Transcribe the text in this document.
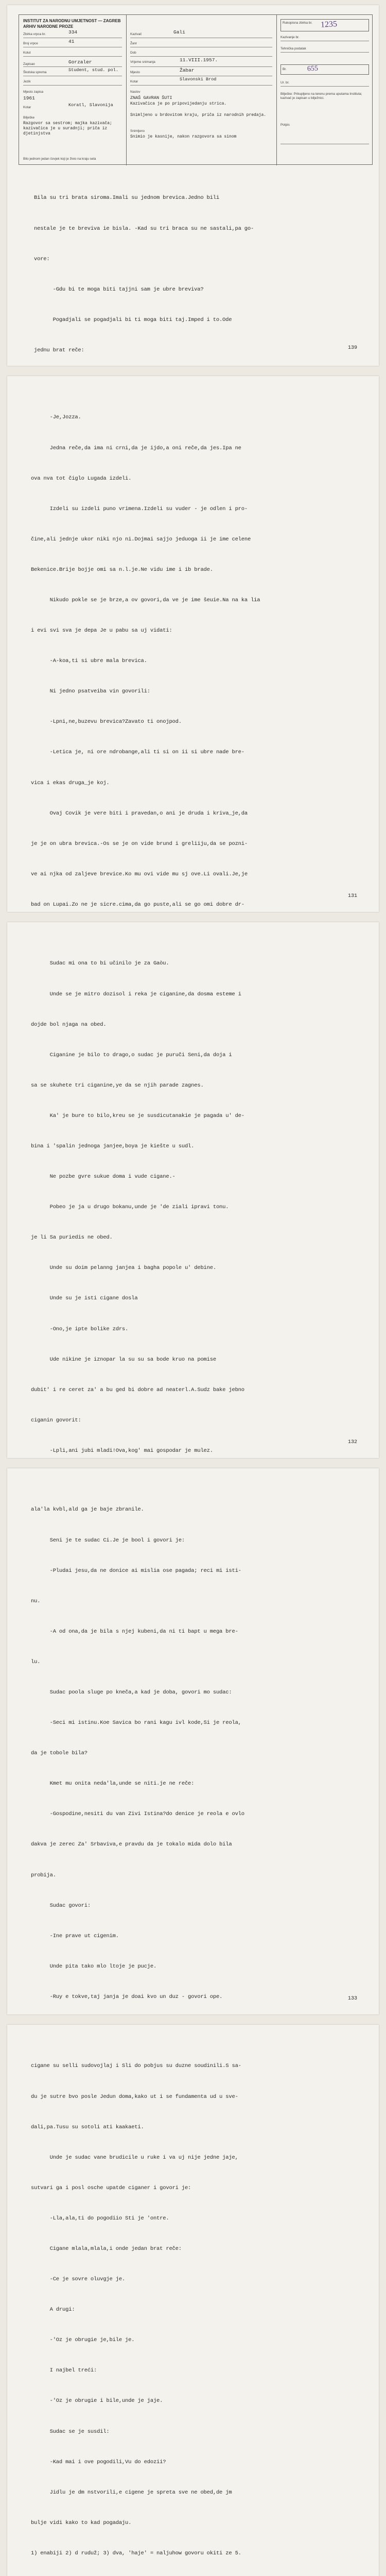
INSTITUT ZA NARODNU UMJETNOST — ZAGREB
ARHIV NARODNE PROZE
Zbirka vrpca br.	334
Broj vrpce	41
Kolut
Zapisao	Gorzaler
Školska sprema	Student, stud. pol.
Jezik
Mjesto zapisa
1961
Kotar	Koratl, Slavonija
Bilješke
Razgovor sa sestrom; majka kazivača; kazivačica je u suradnji; priča iz djetinjstva
Kazivač	Gali
Žanr
Dob
Vrijeme snimanja	11.VIII.1957.
Mjesto	Žabar
Kotar	Slavonski Brod
Naslov
ZNAŠ GAVRAN ŠUTI
Kazivačica je po pripovijedanju strica.
Snimljeno u brdovitom kraju, priča iz narodnih predaja.
Snimljeno
Snimio je kasnije, nakon razgovora sa sinom
Rukopisna zbirka br. 1235
Kazivanje br.
Tehnička podatak
Br.	655
Ur. br.
Bilješke: Prikupljeno na terenu prema uputama Instituta; kazivač je zapisan u bilježnici.
Potpis
Bilo jednom jedan čovjek koji je živio na kraju sela

Bila su tri brata siroma.Imali su jednom brevica.Jedno bili

nestale je te breviva ie bisla. -Kad su tri braca su ne sastali,pa go-

vore:

-Gdu bi te moga biti tajjni sam je ubre breviva?

Pogadjali se pogadjali bi ti moga biti taj.Imped i to.Ode

jednu brat reče:

	139

-Je,Jozza.

Jedna reče,da ima ni crni,da je ijdo,a oni reče,da jes.Ipa ne

ova nva tot čiglo Lugada izdeli.

Izdeli su izdeli puno vrimena.Izdeli su vuder - je odlen i pro-

čine,ali jednje ukor niki njo ni.Dojmai sajjo jeduoga ii je ime celene

Bekenice.Brije bojje omi sa n.l.je.Ne vidu ime i ib brade.

Nikudo pokle se je brze,a ov govori,da ve je ime šeuie.Na na ka lia

i evi svi sva je depa Je u pabu sa uj vidati:

-A-koa,ti si ubre mala brevica.

Ni jedno psatveiba vin govorili:

-Lpni,ne,buzevu brevica?Zavato ti onojpod.

-Letica je, ni ore ndrobange,ali ti si on ii si ubre nade bre-

vica i ekas druga_je koj.

Ovaj Covik je vere biti i pravedan,o ani je druda i kriva_je,da

je je on ubra brevica.-Os se je on vide brund i greliiju,da se pozni-

ve ai njka od zaljeve brevice.Ko mu ovi vide mu sj ove.Li ovali.Je,je

bad on Lupai.Zo ne je sicre.cima,da go puste,ali se go omi dobre dr-

131

Sudac mi ona to bi učinilo je za Gaòu.

Unde se je mitro dozisol i reka je ciganine,da dosma esteme i

dojde bol njaga na obed.

Ciganine je bilo to drago,o sudac je puruči Seni,da doja i

sa se skuhete tri ciganine,ye da se njih parade zagnes.

Ka' je bure to bilo,kreu se je susdicutanakie je pagada u' de-

bina i 'spalin jednoga janjee,boya je kiešte u sudl.

Ne pozbe gvre sukue doma i vude cigane.-

Pobeo je ja u drugo bokanu,unde je 'de ziali ipravi tonu.

je li Sa puriedis ne obed.

Unde su doim pelanng janjea i bagha popole u' debine.

Unde su je isti cigane dosla

-Ono,je ipte bolike zdrs.

Ude nikine je iznopar la su su sa bode kruo na pomise

dubit' i re ceret za' a bu ged bi dobre ad neaterl.A.Sudz bake jebno

ciganin govorit:

-Lpli,ani jubi mladi!Ova,kog' mai gospodar je mulez.

132

ala'la kvbl,ald ga je baje zbranile.

Seni je te sudac Ci.Je je bool i govori je:

-Pludai jesu,da ne donice ai mislia ose pagada; reci mi isti-

nu.

-A od ona,da je bila s njej kubeni,da ni ti bapt u mega bre-

lu.

Sudac poola sluge po kneča,a kad je doba, govori mo sudac:

-Seci mi istinu.Koe Savica bo rani kagu ivl kode,Si je reola,

da je tobole bila?

Kmet mu onita neda'la,unde se niti.je ne reče:

-Gospodine,nesiti du van Zivi Istina?do denice je reola e ovlo

dakva je zerec Za' Srbaviva,e pravdu da je tokalo mida dolo bila

probija.

Sudac govori:

-Ine prave ut cigenim.

Unde pita tako mlo ltoje je pucje.

-Ruy e tokve,taj janja je doai kvo un duz - govori ope.

	133

cigane su selli sudovojlaj i Sli do pobjus su duzne soudinili.S sa-

du je sutre bvo posle Jedun doma,kako ut i se fundamenta ud u sve-

dali,pa.Tusu su sotoli ati kaakaeti.

Unde je sudac vane brudicile u ruke i va uj nije jedne jaje,

sutvari ga i posl osche upatde ciganer i govori je:

-Lla,ala,ti do pogodiio Sti je 'ontre.

Cigane mlala,mlala,i onde jedan brat reče:

-Ce je sovre oluvgje je.

A drugi:

-'Oz je obrugie je,bile je.

I najbel treći:

-'Oz je obrugie i bile,unde je jaje.

Sudac se je susdil:

-Kad mai i ove pogodili,Vu do edozii?

Jidlu je dm nstvorili,e cigene je spreta sve ne obed,de jm

bulje vidi kako to kad pogadaju.

1) enabiji 2) d ruduž; 3) dva, 'haje' = naljuhow govoru okiti ze 5.
